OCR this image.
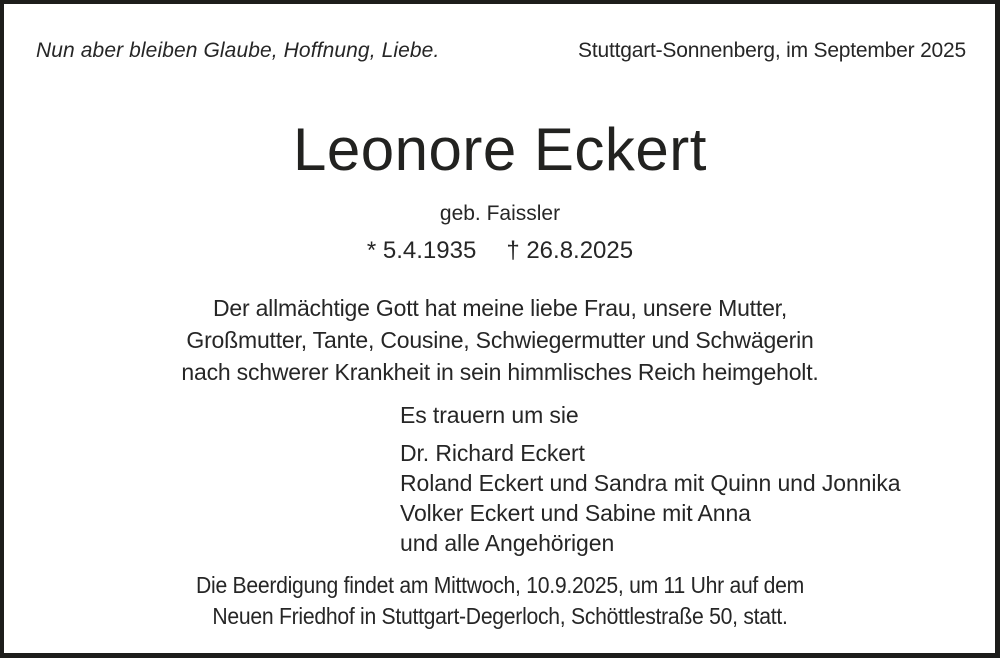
Nun aber bleiben Glaube, Hoffnung, Liebe.	Stuttgart-Sonnenberg, im September 2025
Leonore Eckert
geb. Faissler
* 5.4.1935 † 26.8.2025
Der allmächtige Gott hat meine liebe Frau, unsere Mutter,
Großmutter, Tante, Cousine, Schwiegermutter und Schwägerin
nach schwerer Krankheit in sein himmlisches Reich heimgeholt.
Es trauern um sie
Dr. Richard Eckert
Roland Eckert und Sandra mit Quinn und Jonnika
Volker Eckert und Sabine mit Anna
und alle Angehörigen
Die Beerdigung findet am Mittwoch, 10.9.2025, um 11 Uhr auf dem
Neuen Friedhof in Stuttgart-Degerloch, Schöttlestraße 50, statt.
